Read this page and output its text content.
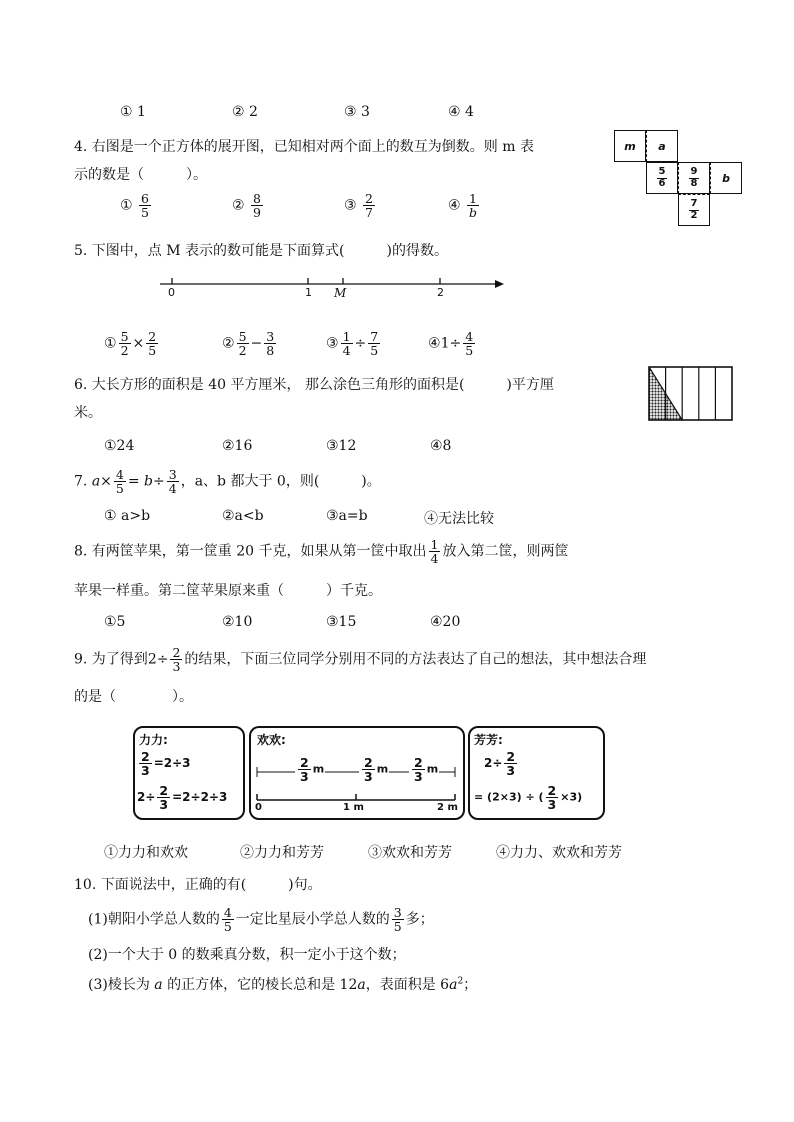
① 1	② 2	③ 3	④ 4
4. 右图是一个正方体的展开图，已知相对两个面上的数互为倒数。则 m 表
示的数是（　　　）。
① $\frac{6}{5}$	② $\frac{8}{9}$	③ $\frac{2}{7}$	④ $\frac{1}{b}$
m a
$\frac{5}{6} \frac{9}{8}$ b
$\frac{7}{2}$
5. 下图中，点 M 表示的数可能是下面算式(　　　)的得数。
0	1 M	2
① $\frac{5}{2} \times \frac{2}{5}$	② $\frac{5}{2} - \frac{3}{8}$	③ $\frac{1}{4} \div \frac{7}{5}$	④1÷ $\frac{4}{5}$
6. 大长方形的面积是 40 平方厘米， 那么涂色三角形的面积是(　　　)平方厘
米。
①24	②16	③12	④8
7. $a\times \frac{4}{5} = b\div \frac{3}{4}$ ，a、b 都大于 0，则(　　　)。
① a>b	②a<b	③a=b	④无法比较
8. 有两筐苹果，第一筐重 20 千克，如果从第一筐中取出 $\frac{1}{4}$ 放入第二筐，则两筐
苹果一样重。第二筐苹果原来重（　　　）千克。
①5	②10	③15	④20
9. 为了得到$2\div \frac{2}{3}$ 的结果，下面三位同学分别用不同的方法表达了自己的想法，其中想法合理
的是（　　　　）。
力力:
$\frac{2}{3} =2\div 3$
$2\div \frac{2}{3} =2\div 2\div 3$
欢欢:
$\frac{2}{3}$ m	$\frac{2}{3}$ m $\frac{2}{3}$ m
0	1 m	2 m
芳芳:
$2\div \frac{2}{3}$
= (2×3) ÷ ( $\frac{2}{3} \times 3$)
①力力和欢欢	②力力和芳芳	③欢欢和芳芳	④力力、欢欢和芳芳
10. 下面说法中，正确的有(　　　)句。
(1)朝阳小学总人数的 $\frac{4}{5}$ 一定比星辰小学总人数的 $\frac{3}{5}$ 多；
(2)一个大于 0 的数乘真分数，积一定小于这个数；
(3)棱长为 a 的正方体，它的棱长总和是 12a，表面积是 $6a^2$；
